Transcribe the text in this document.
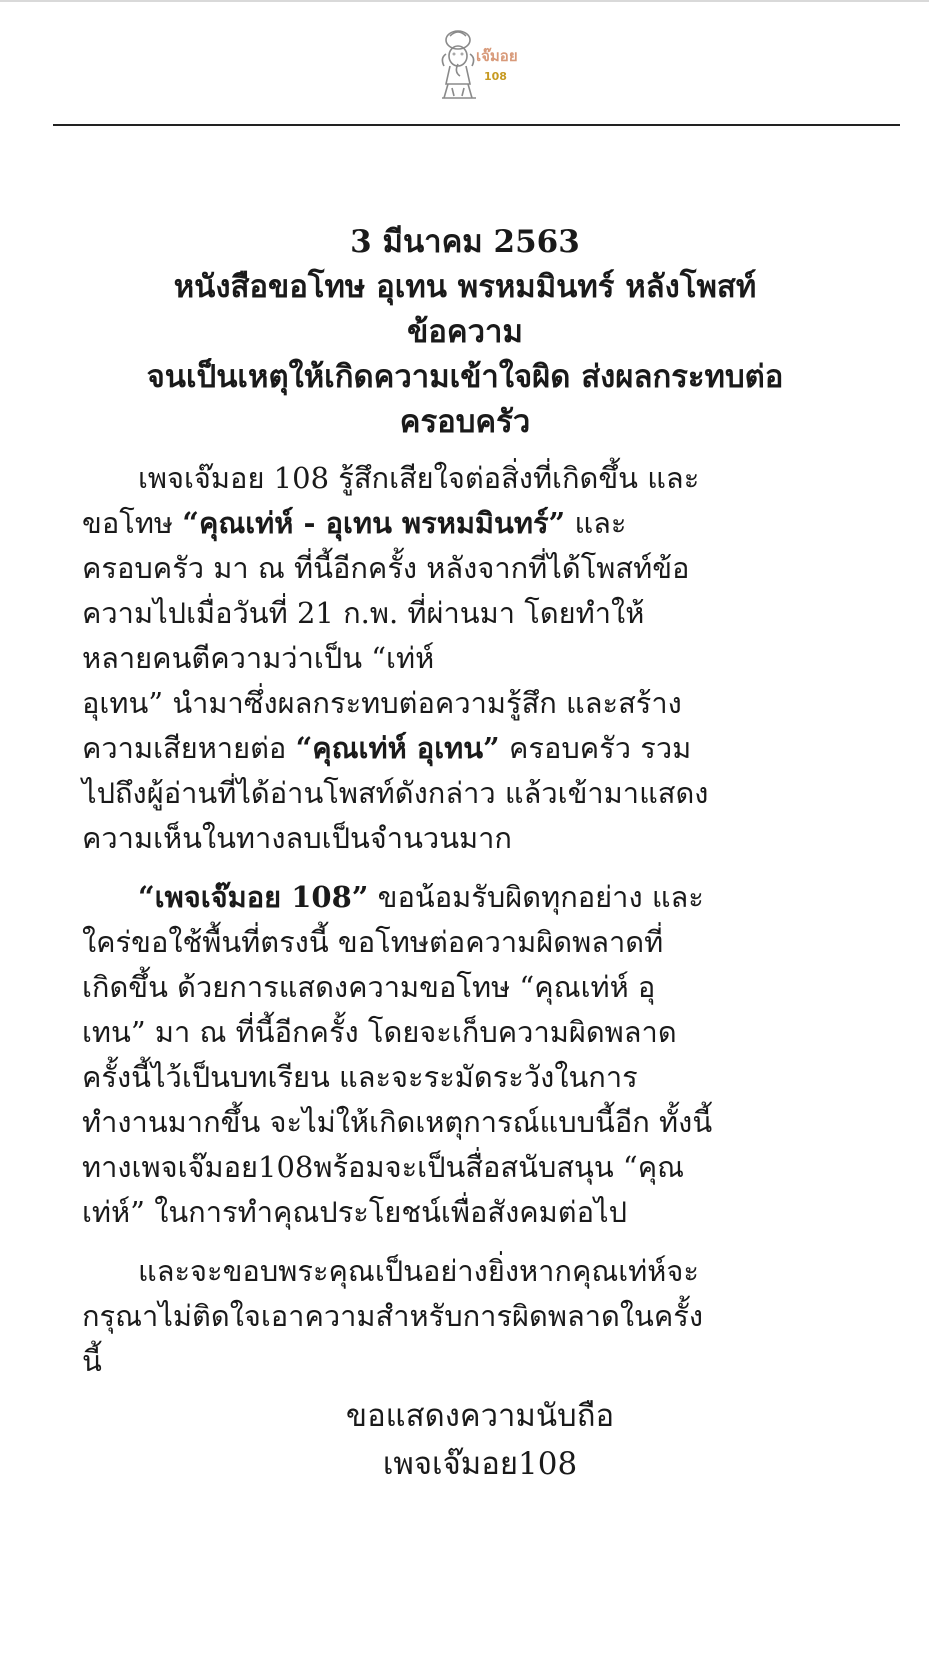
เจ๊มอย
108
3 มีนาคม 2563
หนังสือขอโทษ อุเทน พรหมมินทร์ หลังโพสท์
ข้อความ
จนเป็นเหตุให้เกิดความเข้าใจผิด ส่งผลกระทบต่อ
ครอบครัว
เพจเจ๊มอย 108 รู้สึกเสียใจต่อสิ่งที่เกิดขึ้น และ
ขอโทษ “คุณเท่ห์ - อุเทน พรหมมินทร์” และ
ครอบครัว มา ณ ที่นี้อีกครั้ง หลังจากที่ได้โพสท์ข้อ
ความไปเมื่อวันที่ 21 ก.พ. ที่ผ่านมา โดยทำให้
หลายคนตีความว่าเป็น “เท่ห์
อุเทน” นำมาซึ่งผลกระทบต่อความรู้สึก และสร้าง
ความเสียหายต่อ “คุณเท่ห์ อุเทน” ครอบครัว รวม
ไปถึงผู้อ่านที่ได้อ่านโพสท์ดังกล่าว แล้วเข้ามาแสดง
ความเห็นในทางลบเป็นจำนวนมาก
“เพจเจ๊มอย 108” ขอน้อมรับผิดทุกอย่าง และ
ใคร่ขอใช้พื้นที่ตรงนี้ ขอโทษต่อความผิดพลาดที่
เกิดขึ้น ด้วยการแสดงความขอโทษ “คุณเท่ห์ อุ
เทน” มา ณ ที่นี้อีกครั้ง โดยจะเก็บความผิดพลาด
ครั้งนี้ไว้เป็นบทเรียน และจะระมัดระวังในการ
ทำงานมากขึ้น จะไม่ให้เกิดเหตุการณ์แบบนี้อีก ทั้งนี้
ทางเพจเจ๊มอย108พร้อมจะเป็นสื่อสนับสนุน “คุณ
เท่ห์” ในการทำคุณประโยชน์เพื่อสังคมต่อไป
และจะขอบพระคุณเป็นอย่างยิ่งหากคุณเท่ห์จะ
กรุณาไม่ติดใจเอาความสำหรับการผิดพลาดในครั้ง
นี้
ขอแสดงความนับถือ
เพจเจ๊มอย108
